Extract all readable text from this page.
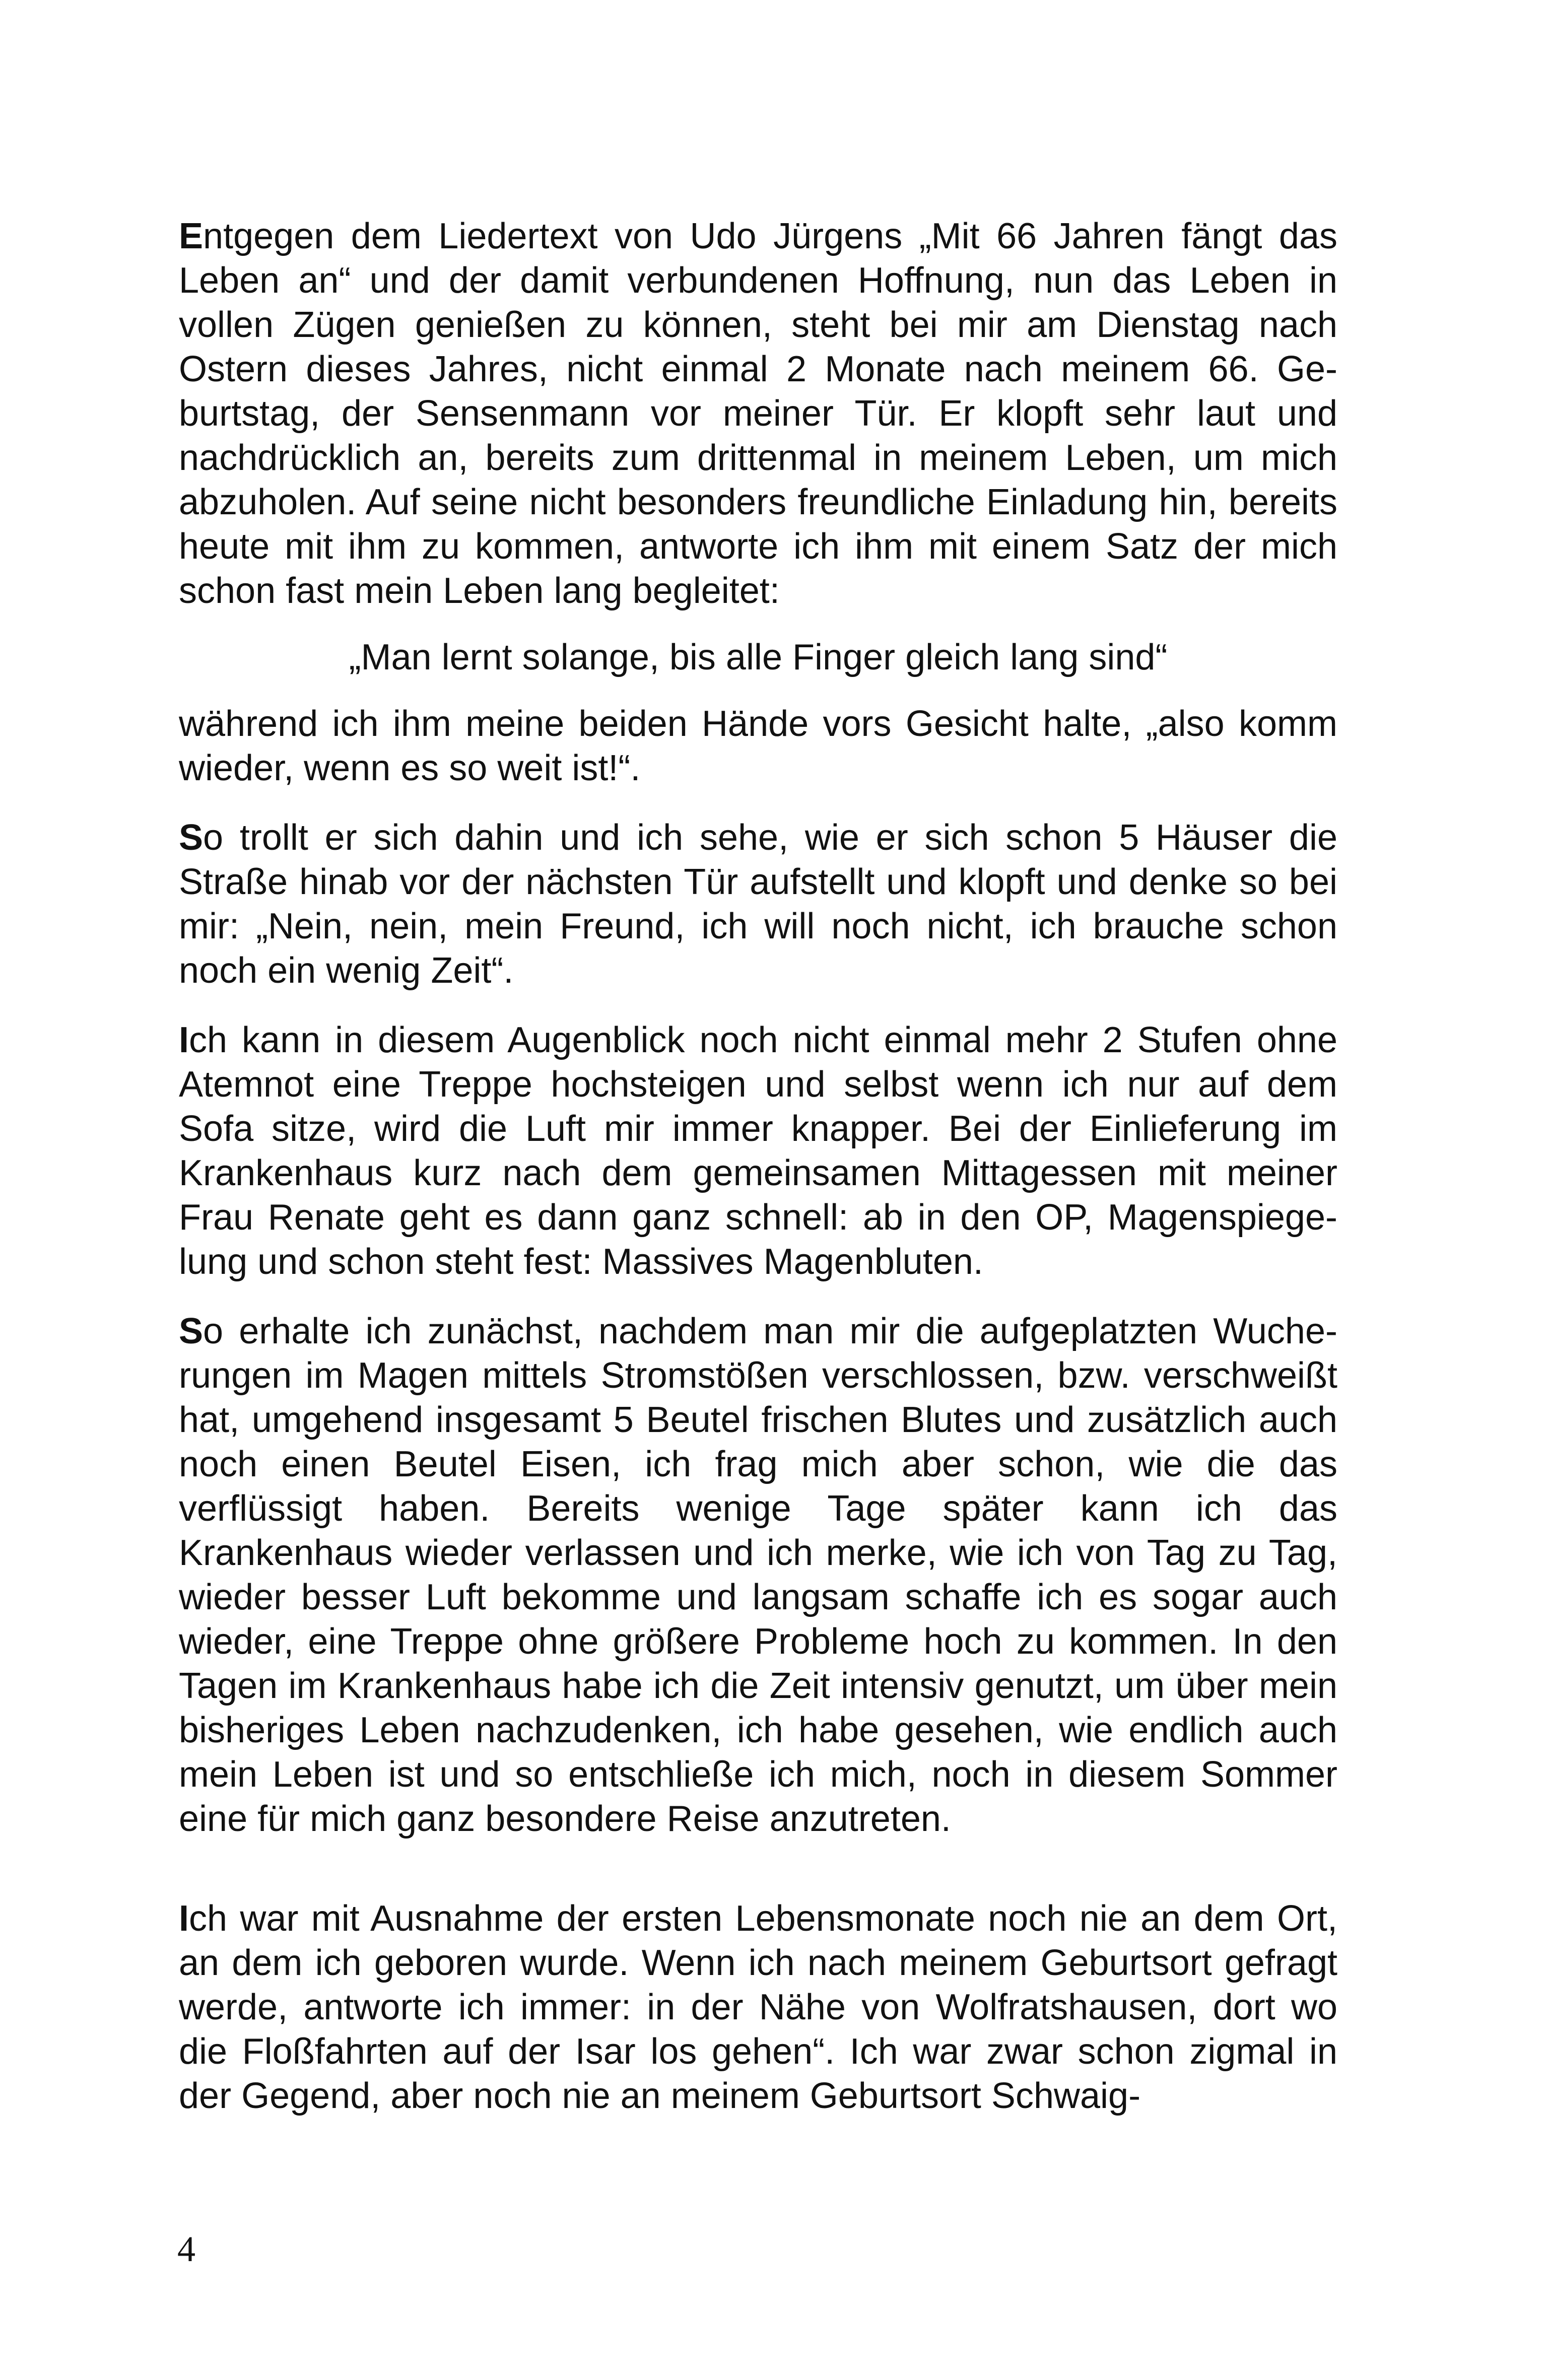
Entgegen dem Liedertext von Udo Jürgens „Mit 66 Jahren fängt das Leben an“ und der damit verbundenen Hoffnung, nun das Leben in vollen Zügen genießen zu können, steht bei mir am Dienstag nach Ostern dieses Jahres, nicht einmal 2 Monate nach meinem 66. Geburtstag, der Sensenmann vor meiner Tür. Er klopft sehr laut und nachdrücklich an, bereits zum drittenmal in meinem Leben, um mich abzuholen. Auf seine nicht besonders freundliche Einladung hin, bereits heute mit ihm zu kommen, antworte ich ihm mit einem Satz der mich schon fast mein Leben lang begleitet:

„Man lernt solange, bis alle Finger gleich lang sind“

während ich ihm meine beiden Hände vors Gesicht halte, „also komm wieder, wenn es so weit ist!“.

So trollt er sich dahin und ich sehe, wie er sich schon 5 Häuser die Straße hinab vor der nächsten Tür aufstellt und klopft und denke so bei mir: „Nein, nein, mein Freund, ich will noch nicht, ich brauche schon noch ein wenig Zeit“.

Ich kann in diesem Augenblick noch nicht einmal mehr 2 Stufen ohne Atemnot eine Treppe hochsteigen und selbst wenn ich nur auf dem Sofa sitze, wird die Luft mir immer knapper. Bei der Einlieferung im Krankenhaus kurz nach dem gemeinsamen Mittagessen mit meiner Frau Renate geht es dann ganz schnell: ab in den OP, Magenspiegelung und schon steht fest: Massives Magenbluten.

So erhalte ich zunächst, nachdem man mir die aufgeplatzten Wucherungen im Magen mittels Stromstößen verschlossen, bzw. verschweißt hat, umgehend insgesamt 5 Beutel frischen Blutes und zusätzlich auch noch einen Beutel Eisen, ich frag mich aber schon, wie die das verflüssigt haben. Bereits wenige Tage später kann ich das Krankenhaus wieder verlassen und ich merke, wie ich von Tag zu Tag, wieder besser Luft bekomme und langsam schaffe ich es sogar auch wieder, eine Treppe ohne größere Probleme hoch zu kommen. In den Tagen im Krankenhaus habe ich die Zeit intensiv genutzt, um über mein bisheriges Leben nachzudenken, ich habe gesehen, wie endlich auch mein Leben ist und so entschließe ich mich, noch in diesem Sommer eine für mich ganz besondere Reise anzutreten.

Ich war mit Ausnahme der ersten Lebensmonate noch nie an dem Ort, an dem ich geboren wurde. Wenn ich nach meinem Geburtsort gefragt werde, antworte ich immer: in der Nähe von Wolfratshausen, dort wo die Floßfahrten auf der Isar los gehen“. Ich war zwar schon zigmal in der Gegend, aber noch nie an meinem Geburtsort Schwaig-

4
